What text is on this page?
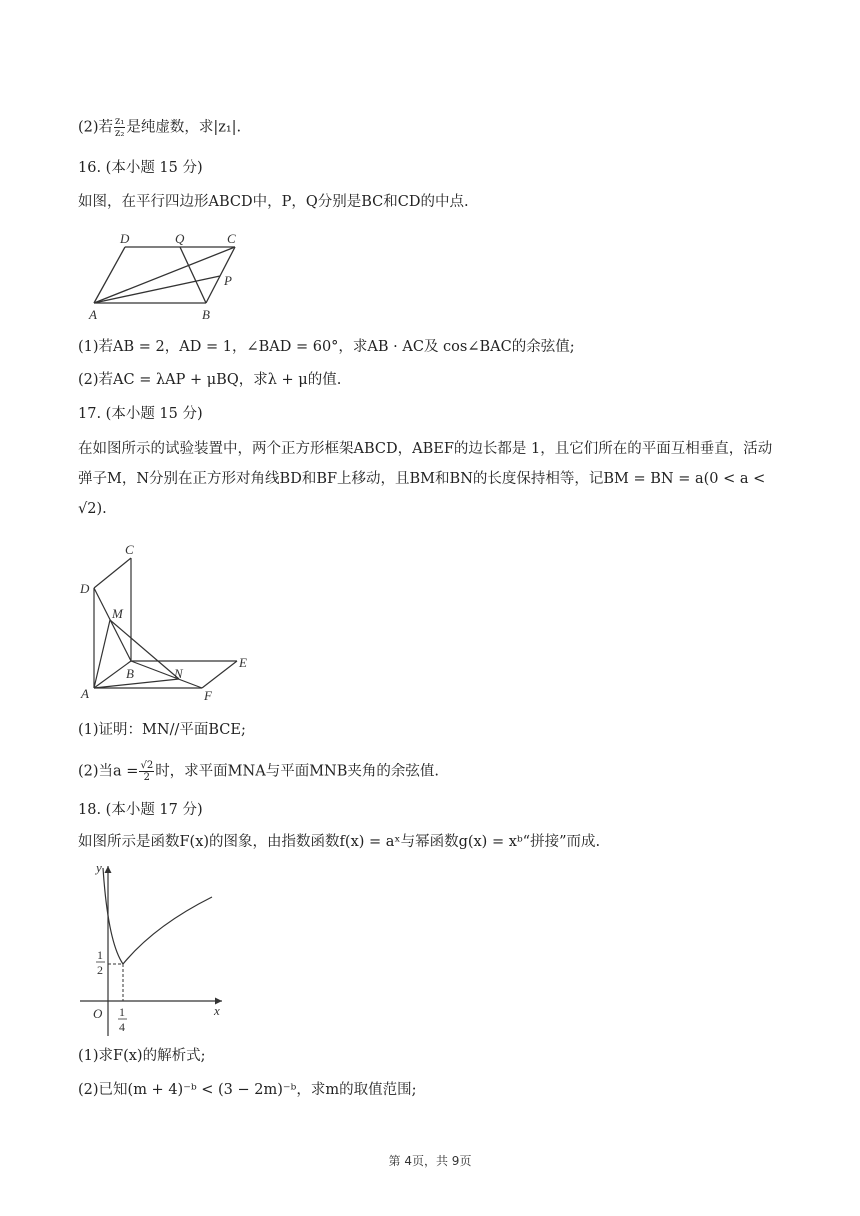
(2)若 $\frac{\text{z₁}}{\text{z₂}}$ 是纯虚数，求|z₁|.
16. (本小题 15 分)
如图，在平行四边形ABCD中，P，Q分别是BC和CD的中点.
D	Q	C
P
A	B
(1)若AB = 2，AD = 1，∠BAD = 60°，求AB · AC及 cos∠BAC的余弦值;
(2)若AC = λAP + μBQ，求λ + μ的值.
17. (本小题 15 分)
在如图所示的试验装置中，两个正方形框架ABCD，ABEF的边长都是 1，且它们所在的平面互相垂直，活动弹子M，N分别在正方形对角线BD和BF上移动，且BM和BN的长度保持相等，记BM = BN = a(0 < a < √2).
C
D
M
E
B	N
A	F
(1)证明：MN//平面BCE;
(2)当$a = \frac{√2}{2}$ 时，求平面MNA与平面MNB夹角的余弦值.
18. (本小题 17 分)
如图所示是函数F(x)的图象，由指数函数f(x) = aˣ与幂函数g(x) = xᵇ“拼接”而成.
y
x
O
1
2
1
4
(1)求F(x)的解析式;
(2)已知(m + 4)⁻ᵇ < (3 − 2m)⁻ᵇ，求m的取值范围;
第 4页，共 9页
